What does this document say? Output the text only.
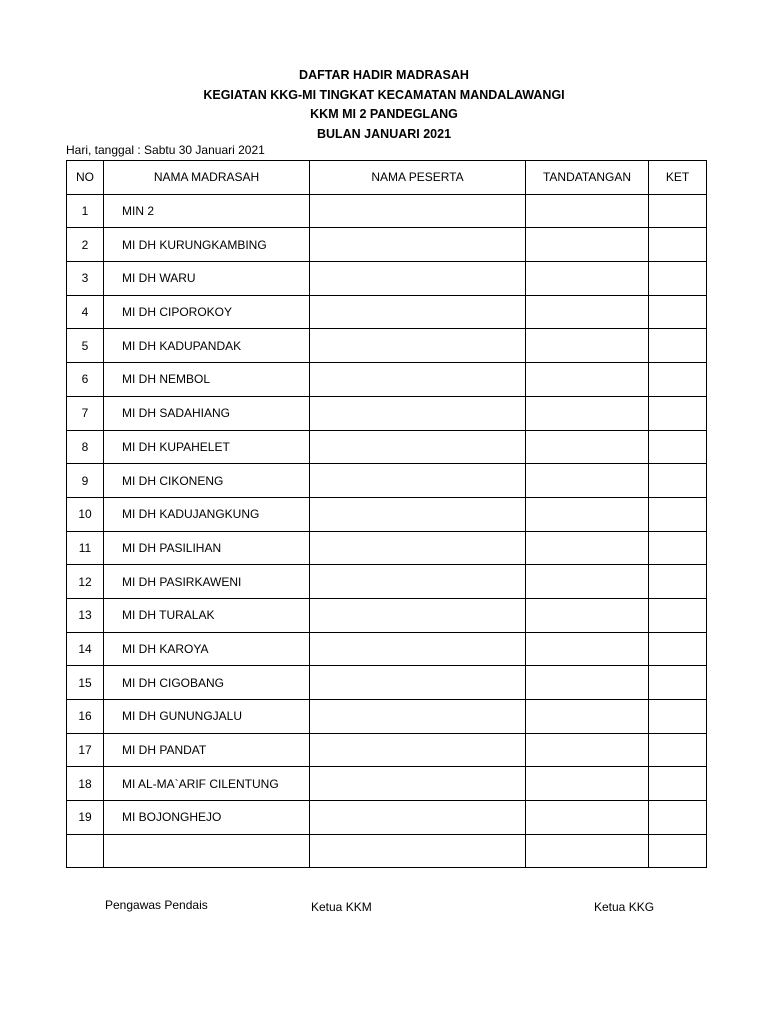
DAFTAR HADIR MADRASAH
KEGIATAN KKG-MI TINGKAT KECAMATAN MANDALAWANGI
KKM MI 2 PANDEGLANG
BULAN JANUARI 2021
Hari, tanggal : Sabtu 30 Januari 2021
NO	NAMA MADRASAH	NAMA PESERTA	TANDATANGAN	KET
1	MIN 2			
2	MI DH KURUNGKAMBING			
3	MI DH WARU			
4	MI DH CIPOROKOY			
5	MI DH KADUPANDAK			
6	MI DH NEMBOL			
7	MI DH SADAHIANG			
8	MI DH KUPAHELET			
9	MI DH CIKONENG			
10	MI DH KADUJANGKUNG			
11	MI DH PASILIHAN			
12	MI DH PASIRKAWENI			
13	MI DH TURALAK			
14	MI DH KAROYA			
15	MI DH CIGOBANG			
16	MI DH GUNUNGJALU			
17	MI DH PANDAT			
18	MI AL-MA`ARIF CILENTUNG			
19	MI BOJONGHEJO			

Pengawas Pendais	Ketua KKM	Ketua KKG
